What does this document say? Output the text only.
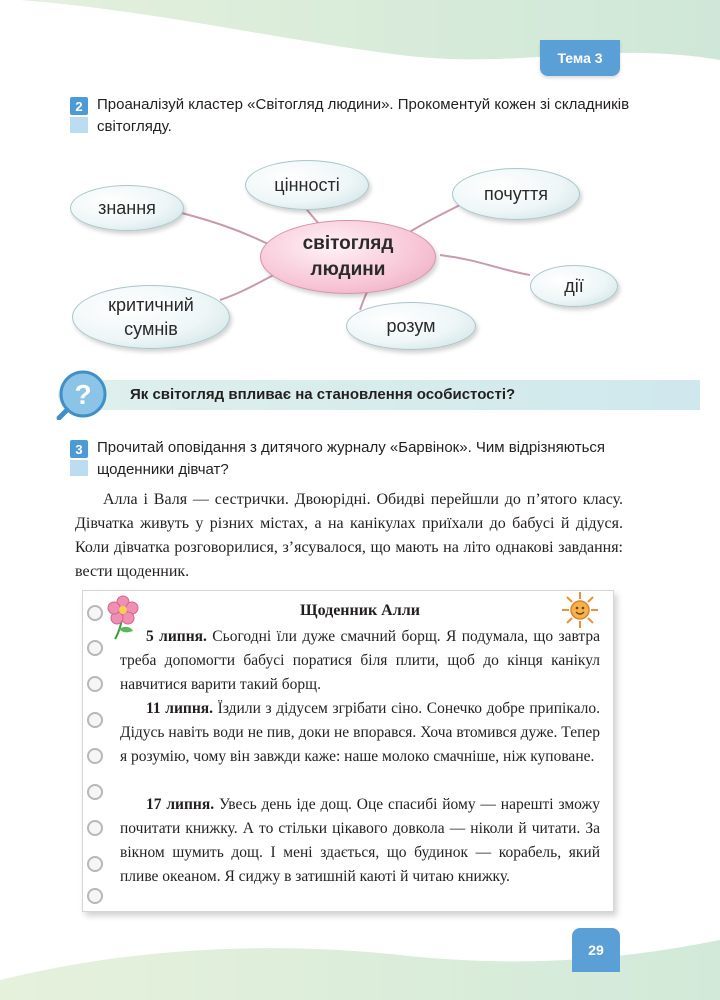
Тема 3
2 Проаналізуй кластер «Світогляд людини». Прокоментуй кожен зі складників світогляду.
знання
цінності	почуття
світогляд
людини
дії
критичний
сумнів	розум
?	Як світогляд впливає на становлення особистості?
3 Прочитай оповідання з дитячого журналу «Барвінок». Чим відрізняються щоденники дівчат?

Алла і Валя — сестрички. Двоюрідні. Обидві перейшли до п’ятого класу. Дівчатка живуть у різних містах, а на канікулах приїхали до бабусі й дідуся. Коли дівчатка розговорилися, з’ясувалося, що мають на літо однакові завдання: вести щоденник.

Щоденник Алли

5 липня. Сьогодні їли дуже смачний борщ. Я подумала, що завтра треба допомогти бабусі поратися біля плити, щоб до кінця канікул навчитися варити такий борщ.

11 липня. Їздили з дідусем згрібати сіно. Сонечко добре припікало. Дідусь навіть води не пив, доки не впорався. Хоча втомився дуже. Тепер я розумію, чому він завжди каже: наше молоко смачніше, ніж куповане.

17 липня. Увесь день іде дощ. Оце спасибі йому — нарешті зможу почитати книжку. А то стільки цікавого довкола — ніколи й читати. За вікном шумить дощ. І мені здається, що будинок — корабель, який пливе океаном. Я сиджу в затишній каюті й читаю книжку.

29
